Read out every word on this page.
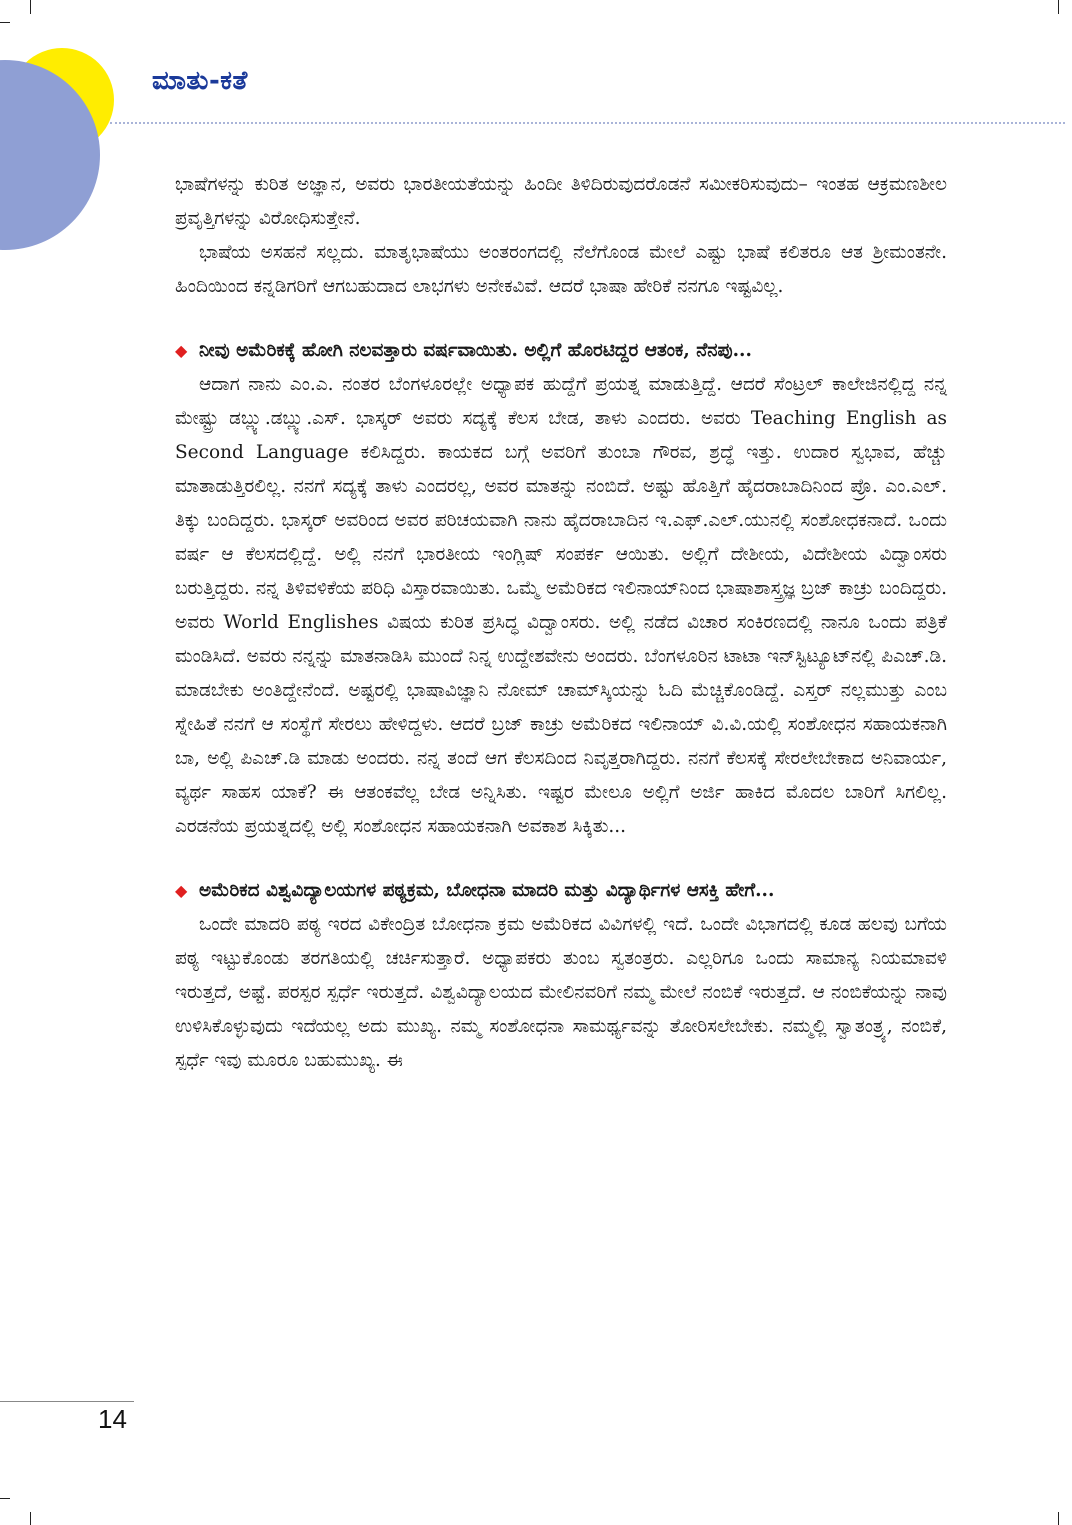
ಮಾತು-ಕತೆ

ಭಾಷೆಗಳನ್ನು ಕುರಿತ ಅಜ್ಞಾನ, ಅವರು ಭಾರತೀಯತೆಯನ್ನು ಹಿಂದೀ ತಿಳಿದಿರುವುದರೊಡನೆ ಸಮೀಕರಿಸುವುದು– ಇಂತಹ ಆಕ್ರಮಣಶೀಲ ಪ್ರವೃತ್ತಿಗಳನ್ನು ವಿರೋಧಿಸುತ್ತೇನೆ.

ಭಾಷೆಯ ಅಸಹನೆ ಸಲ್ಲದು. ಮಾತೃಭಾಷೆಯು ಅಂತರಂಗದಲ್ಲಿ ನೆಲೆಗೊಂಡ ಮೇಲೆ ಎಷ್ಟು ಭಾಷೆ ಕಲಿತರೂ ಆತ ಶ್ರೀಮಂತನೇ. ಹಿಂದಿಯಿಂದ ಕನ್ನಡಿಗರಿಗೆ ಆಗಬಹುದಾದ ಲಾಭಗಳು ಅನೇಕವಿವೆ. ಆದರೆ ಭಾಷಾ ಹೇರಿಕೆ ನನಗೂ ಇಷ್ಟವಿಲ್ಲ.

◆ ನೀವು ಅಮೆರಿಕಕ್ಕೆ ಹೋಗಿ ನಲವತ್ತಾರು ವರ್ಷವಾಯಿತು. ಅಲ್ಲಿಗೆ ಹೊರಟಿದ್ದರ ಆತಂಕ, ನೆನಪು...

ಆದಾಗ ನಾನು ಎಂ.ಎ. ನಂತರ ಬೆಂಗಳೂರಲ್ಲೇ ಅಧ್ಯಾಪಕ ಹುದ್ದೆಗೆ ಪ್ರಯತ್ನ ಮಾಡುತ್ತಿದ್ದೆ. ಆದರೆ ಸೆಂಟ್ರಲ್ ಕಾಲೇಜಿನಲ್ಲಿದ್ದ ನನ್ನ ಮೇಷ್ಟ್ರು ಡಬ್ಲ್ಯು.ಡಬ್ಲ್ಯು.ಎಸ್. ಭಾಸ್ಕರ್ ಅವರು ಸದ್ಯಕ್ಕೆ ಕೆಲಸ ಬೇಡ, ತಾಳು ಎಂದರು. ಅವರು Teaching English as Second Language ಕಲಿಸಿದ್ದರು. ಕಾಯಕದ ಬಗ್ಗೆ ಅವರಿಗೆ ತುಂಬಾ ಗೌರವ, ಶ್ರದ್ಧೆ ಇತ್ತು. ಉದಾರ ಸ್ವಭಾವ, ಹೆಚ್ಚು ಮಾತಾಡುತ್ತಿರಲಿಲ್ಲ. ನನಗೆ ಸದ್ಯಕ್ಕೆ ತಾಳು ಎಂದರಲ್ಲ, ಅವರ ಮಾತನ್ನು ನಂಬಿದೆ. ಅಷ್ಟು ಹೊತ್ತಿಗೆ ಹೈದರಾಬಾದಿನಿಂದ ಪ್ರೊ. ಎಂ.ಎಲ್. ತಿಕ್ಕು ಬಂದಿದ್ದರು. ಭಾಸ್ಕರ್ ಅವರಿಂದ ಅವರ ಪರಿಚಯವಾಗಿ ನಾನು ಹೈದರಾಬಾದಿನ ಇ.ಎಫ್.ಎಲ್.ಯುನಲ್ಲಿ ಸಂಶೋಧಕನಾದೆ. ಒಂದು ವರ್ಷ ಆ ಕೆಲಸದಲ್ಲಿದ್ದೆ. ಅಲ್ಲಿ ನನಗೆ ಭಾರತೀಯ ಇಂಗ್ಲಿಷ್ ಸಂಪರ್ಕ ಆಯಿತು. ಅಲ್ಲಿಗೆ ದೇಶೀಯ, ವಿದೇಶೀಯ ವಿದ್ವಾಂಸರು ಬರುತ್ತಿದ್ದರು. ನನ್ನ ತಿಳಿವಳಿಕೆಯ ಪರಿಧಿ ವಿಸ್ತಾರವಾಯಿತು. ಒಮ್ಮೆ ಅಮೆರಿಕದ ಇಲಿನಾಯ್‌ನಿಂದ ಭಾಷಾಶಾಸ್ತ್ರಜ್ಞ ಬ್ರಜ್ ಕಾಚ್ರು ಬಂದಿದ್ದರು. ಅವರು World Englishes ವಿಷಯ ಕುರಿತ ಪ್ರಸಿದ್ಧ ವಿದ್ವಾಂಸರು. ಅಲ್ಲಿ ನಡೆದ ವಿಚಾರ ಸಂಕಿರಣದಲ್ಲಿ ನಾನೂ ಒಂದು ಪತ್ರಿಕೆ ಮಂಡಿಸಿದೆ. ಅವರು ನನ್ನನ್ನು ಮಾತನಾಡಿಸಿ ಮುಂದೆ ನಿನ್ನ ಉದ್ದೇಶವೇನು ಅಂದರು. ಬೆಂಗಳೂರಿನ ಟಾಟಾ ಇನ್‌ಸ್ಟಿಟ್ಯೂಟ್‌ನಲ್ಲಿ ಪಿಎಚ್.ಡಿ. ಮಾಡಬೇಕು ಅಂತಿದ್ದೇನೆಂದೆ. ಅಷ್ಟರಲ್ಲಿ ಭಾಷಾವಿಜ್ಞಾನಿ ನೋಮ್ ಚಾಮ್‌ಸ್ಕಿಯನ್ನು ಓದಿ ಮೆಚ್ಚಿಕೊಂಡಿದ್ದೆ. ಎಸ್ತರ್ ನಲ್ಲಮುತ್ತು ಎಂಬ ಸ್ನೇಹಿತೆ ನನಗೆ ಆ ಸಂಸ್ಥೆಗೆ ಸೇರಲು ಹೇಳಿದ್ದಳು. ಆದರೆ ಬ್ರಜ್ ಕಾಚ್ರು ಅಮೆರಿಕದ ಇಲಿನಾಯ್ ವಿ.ವಿ.ಯಲ್ಲಿ ಸಂಶೋಧನ ಸಹಾಯಕನಾಗಿ ಬಾ, ಅಲ್ಲಿ ಪಿಎಚ್.ಡಿ ಮಾಡು ಅಂದರು. ನನ್ನ ತಂದೆ ಆಗ ಕೆಲಸದಿಂದ ನಿವೃತ್ತರಾಗಿದ್ದರು. ನನಗೆ ಕೆಲಸಕ್ಕೆ ಸೇರಲೇಬೇಕಾದ ಅನಿವಾರ್ಯ, ವ್ಯರ್ಥ ಸಾಹಸ ಯಾಕೆ? ಈ ಆತಂಕವೆಲ್ಲ ಬೇಡ ಅನ್ನಿಸಿತು. ಇಷ್ಟರ ಮೇಲೂ ಅಲ್ಲಿಗೆ ಅರ್ಜಿ ಹಾಕಿದ ಮೊದಲ ಬಾರಿಗೆ ಸಿಗಲಿಲ್ಲ. ಎರಡನೆಯ ಪ್ರಯತ್ನದಲ್ಲಿ ಅಲ್ಲಿ ಸಂಶೋಧನ ಸಹಾಯಕನಾಗಿ ಅವಕಾಶ ಸಿಕ್ಕಿತು...

◆ ಅಮೆರಿಕದ ವಿಶ್ವವಿದ್ಯಾಲಯಗಳ ಪಠ್ಯಕ್ರಮ, ಬೋಧನಾ ಮಾದರಿ ಮತ್ತು ವಿದ್ಯಾರ್ಥಿಗಳ ಆಸಕ್ತಿ ಹೇಗೆ...

ಒಂದೇ ಮಾದರಿ ಪಠ್ಯ ಇರದ ವಿಕೇಂದ್ರಿತ ಬೋಧನಾ ಕ್ರಮ ಅಮೆರಿಕದ ವಿವಿಗಳಲ್ಲಿ ಇದೆ. ಒಂದೇ ವಿಭಾಗದಲ್ಲಿ ಕೂಡ ಹಲವು ಬಗೆಯ ಪಠ್ಯ ಇಟ್ಟುಕೊಂಡು ತರಗತಿಯಲ್ಲಿ ಚರ್ಚಿಸುತ್ತಾರೆ. ಅಧ್ಯಾಪಕರು ತುಂಬ ಸ್ವತಂತ್ರರು. ಎಲ್ಲರಿಗೂ ಒಂದು ಸಾಮಾನ್ಯ ನಿಯಮಾವಳಿ ಇರುತ್ತದೆ, ಅಷ್ಟೆ. ಪರಸ್ಪರ ಸ್ಪರ್ಧೆ ಇರುತ್ತದೆ. ವಿಶ್ವವಿದ್ಯಾಲಯದ ಮೇಲಿನವರಿಗೆ ನಮ್ಮ ಮೇಲೆ ನಂಬಿಕೆ ಇರುತ್ತದೆ. ಆ ನಂಬಿಕೆಯನ್ನು ನಾವು ಉಳಿಸಿಕೊಳ್ಳುವುದು ಇದೆಯಲ್ಲ ಅದು ಮುಖ್ಯ. ನಮ್ಮ ಸಂಶೋಧನಾ ಸಾಮರ್ಥ್ಯವನ್ನು ತೋರಿಸಲೇಬೇಕು. ನಮ್ಮಲ್ಲಿ ಸ್ವಾತಂತ್ರ್ಯ, ನಂಬಿಕೆ, ಸ್ಪರ್ಧೆ ಇವು ಮೂರೂ ಬಹುಮುಖ್ಯ. ಈ

14
